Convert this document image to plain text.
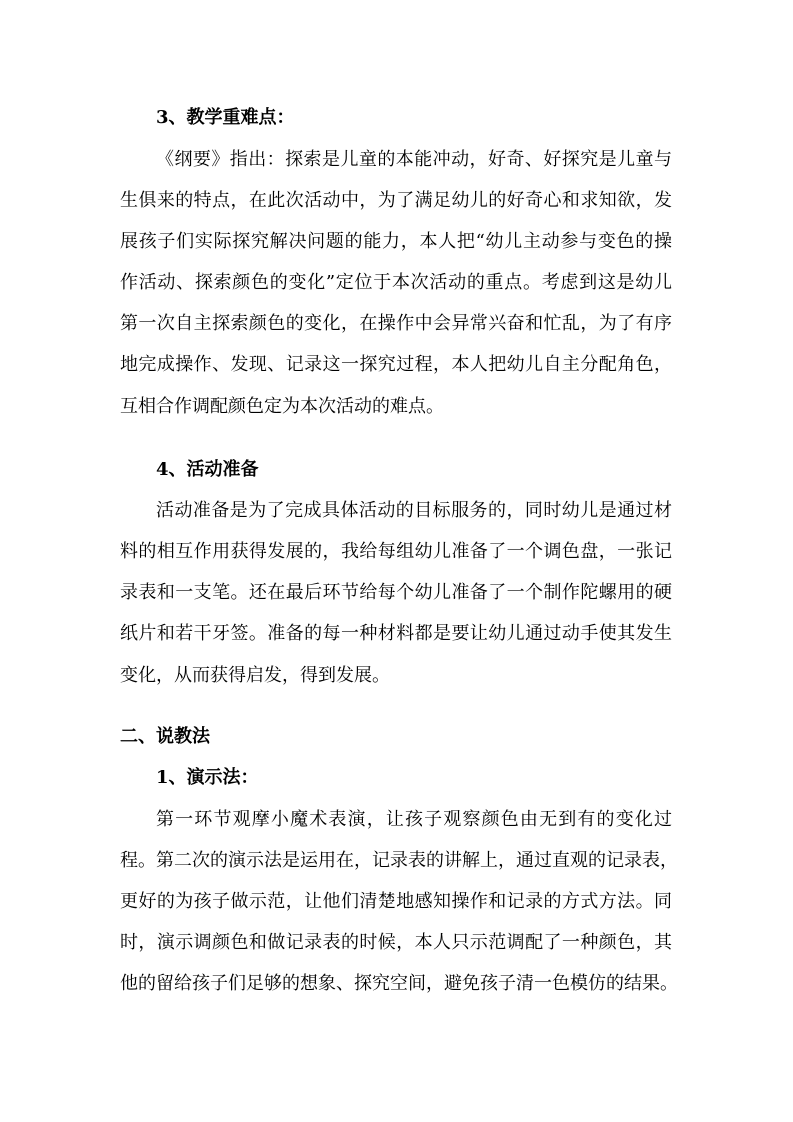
3、教学重难点：
《纲要》指出：探索是儿童的本能冲动，好奇、好探究是儿童与
生俱来的特点，在此次活动中，为了满足幼儿的好奇心和求知欲，发
展孩子们实际探究解决问题的能力，本人把“幼儿主动参与变色的操
作活动、探索颜色的变化”定位于本次活动的重点。考虑到这是幼儿
第一次自主探索颜色的变化，在操作中会异常兴奋和忙乱，为了有序
地完成操作、发现、记录这一探究过程，本人把幼儿自主分配角色，
互相合作调配颜色定为本次活动的难点。
4、活动准备
活动准备是为了完成具体活动的目标服务的，同时幼儿是通过材
料的相互作用获得发展的，我给每组幼儿准备了一个调色盘，一张记
录表和一支笔。还在最后环节给每个幼儿准备了一个制作陀螺用的硬
纸片和若干牙签。准备的每一种材料都是要让幼儿通过动手使其发生
变化，从而获得启发，得到发展。
二、说教法
1、演示法：
第一环节观摩小魔术表演，让孩子观察颜色由无到有的变化过
程。第二次的演示法是运用在，记录表的讲解上，通过直观的记录表，
更好的为孩子做示范，让他们清楚地感知操作和记录的方式方法。同
时，演示调颜色和做记录表的时候，本人只示范调配了一种颜色，其
他的留给孩子们足够的想象、探究空间，避免孩子清一色模仿的结果。
